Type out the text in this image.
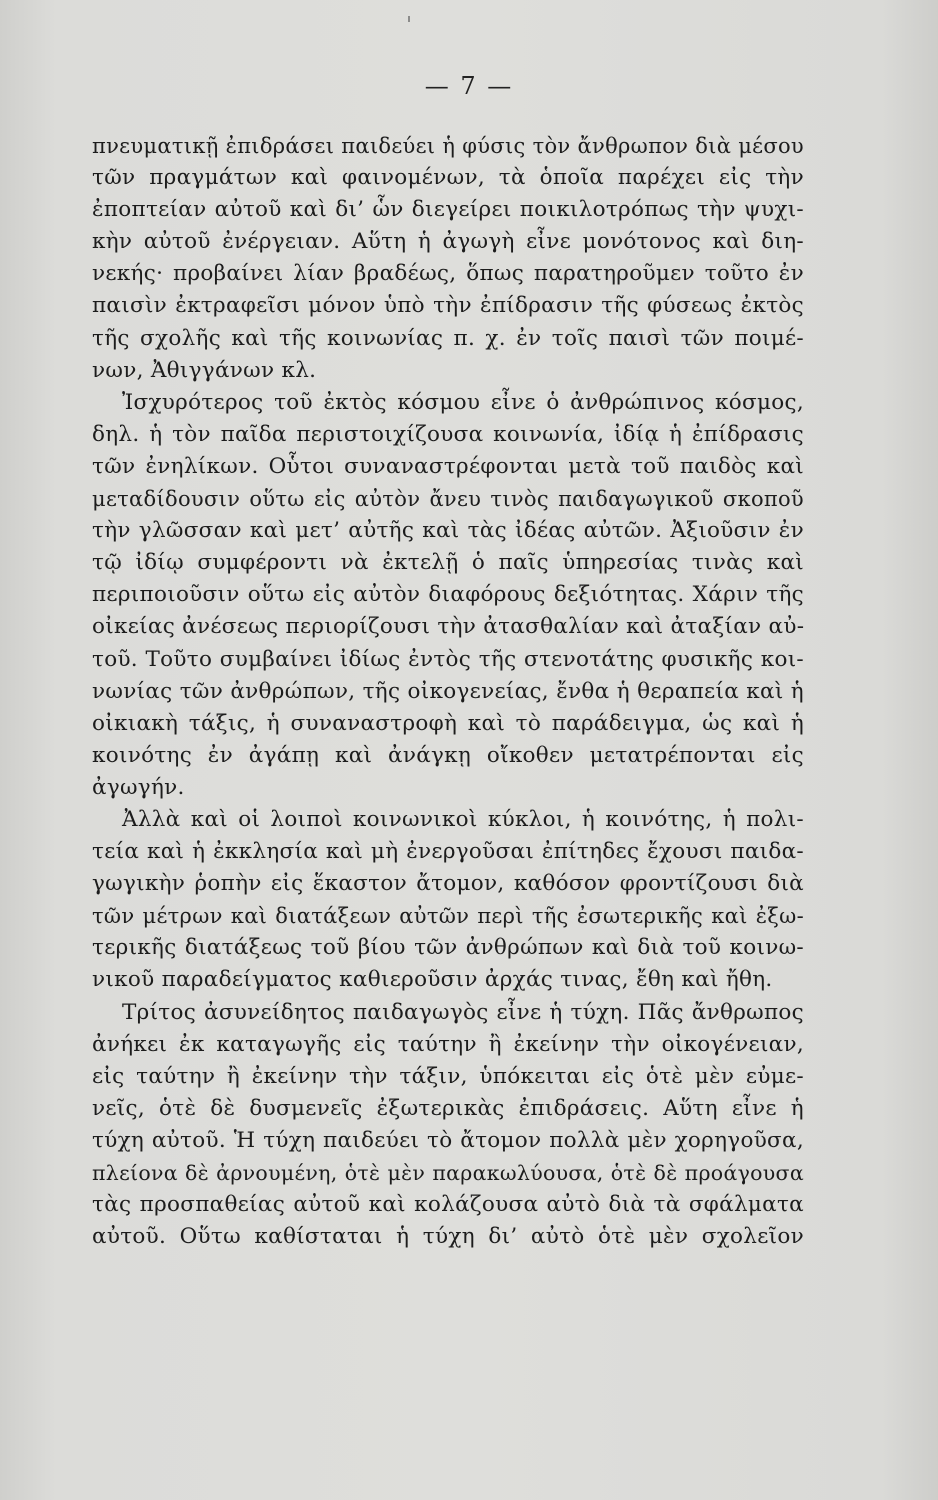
— 7 —
πνευματικῇ ἐπιδράσει παιδεύει ἡ φύσις τὸν ἄνθρωπον διὰ μέσου
τῶν πραγμάτων καὶ φαινομένων, τὰ ὁποῖα παρέχει εἰς τὴν
ἐποπτείαν αὐτοῦ καὶ δι’ ὧν διεγείρει ποικιλοτρόπως τὴν ψυχι-
κὴν αὐτοῦ ἐνέργειαν. Αὕτη ἡ ἀγωγὴ εἶνε μονότονος καὶ διη-
νεκής· προβαίνει λίαν βραδέως, ὅπως παρατηροῦμεν τοῦτο ἐν
παισὶν ἐκτραφεῖσι μόνον ὑπὸ τὴν ἐπίδρασιν τῆς φύσεως ἐκτὸς
τῆς σχολῆς καὶ τῆς κοινωνίας π. χ. ἐν τοῖς παισὶ τῶν ποιμέ-
νων, Ἀθιγγάνων κλ.
Ἰσχυρότερος τοῦ ἐκτὸς κόσμου εἶνε ὁ ἀνθρώπινος κόσμος,
δηλ. ἡ τὸν παῖδα περιστοιχίζουσα κοινωνία, ἰδίᾳ ἡ ἐπίδρασις
τῶν ἐνηλίκων. Οὗτοι συναναστρέφονται μετὰ τοῦ παιδὸς καὶ
μεταδίδουσιν οὕτω εἰς αὐτὸν ἄνευ τινὸς παιδαγωγικοῦ σκοποῦ
τὴν γλῶσσαν καὶ μετ’ αὐτῆς καὶ τὰς ἰδέας αὐτῶν. Ἀξιοῦσιν ἐν
τῷ ἰδίῳ συμφέροντι νὰ ἐκτελῇ ὁ παῖς ὑπηρεσίας τινὰς καὶ
περιποιοῦσιν οὕτω εἰς αὐτὸν διαφόρους δεξιότητας. Χάριν τῆς
οἰκείας ἀνέσεως περιορίζουσι τὴν ἀτασθαλίαν καὶ ἀταξίαν αὐ-
τοῦ. Τοῦτο συμβαίνει ἰδίως ἐντὸς τῆς στενοτάτης φυσικῆς κοι-
νωνίας τῶν ἀνθρώπων, τῆς οἰκογενείας, ἔνθα ἡ θεραπεία καὶ ἡ
οἰκιακὴ τάξις, ἡ συναναστροφὴ καὶ τὸ παράδειγμα, ὡς καὶ ἡ
κοινότης ἐν ἀγάπῃ καὶ ἀνάγκῃ οἴκοθεν μετατρέπονται εἰς
ἀγωγήν.
Ἀλλὰ καὶ οἱ λοιποὶ κοινωνικοὶ κύκλοι, ἡ κοινότης, ἡ πολι-
τεία καὶ ἡ ἐκκλησία καὶ μὴ ἐνεργοῦσαι ἐπίτηδες ἔχουσι παιδα-
γωγικὴν ῥοπὴν εἰς ἕκαστον ἄτομον, καθόσον φροντίζουσι διὰ
τῶν μέτρων καὶ διατάξεων αὐτῶν περὶ τῆς ἐσωτερικῆς καὶ ἐξω-
τερικῆς διατάξεως τοῦ βίου τῶν ἀνθρώπων καὶ διὰ τοῦ κοινω-
νικοῦ παραδείγματος καθιεροῦσιν ἀρχάς τινας, ἔθη καὶ ἤθη.
Τρίτος ἀσυνείδητος παιδαγωγὸς εἶνε ἡ τύχη. Πᾶς ἄνθρωπος
ἀνήκει ἐκ καταγωγῆς εἰς ταύτην ἢ ἐκείνην τὴν οἰκογένειαν,
εἰς ταύτην ἢ ἐκείνην τὴν τάξιν, ὑπόκειται εἰς ὁτὲ μὲν εὐμε-
νεῖς, ὁτὲ δὲ δυσμενεῖς ἐξωτερικὰς ἐπιδράσεις. Αὕτη εἶνε ἡ
τύχη αὐτοῦ. Ἡ τύχη παιδεύει τὸ ἄτομον πολλὰ μὲν χορηγοῦσα,
πλείονα δὲ ἀρνουμένη, ὁτὲ μὲν παρακωλύουσα, ὁτὲ δὲ προάγουσα
τὰς προσπαθείας αὐτοῦ καὶ κολάζουσα αὐτὸ διὰ τὰ σφάλματα
αὐτοῦ. Οὕτω καθίσταται ἡ τύχη δι’ αὐτὸ ὁτὲ μὲν σχολεῖον
